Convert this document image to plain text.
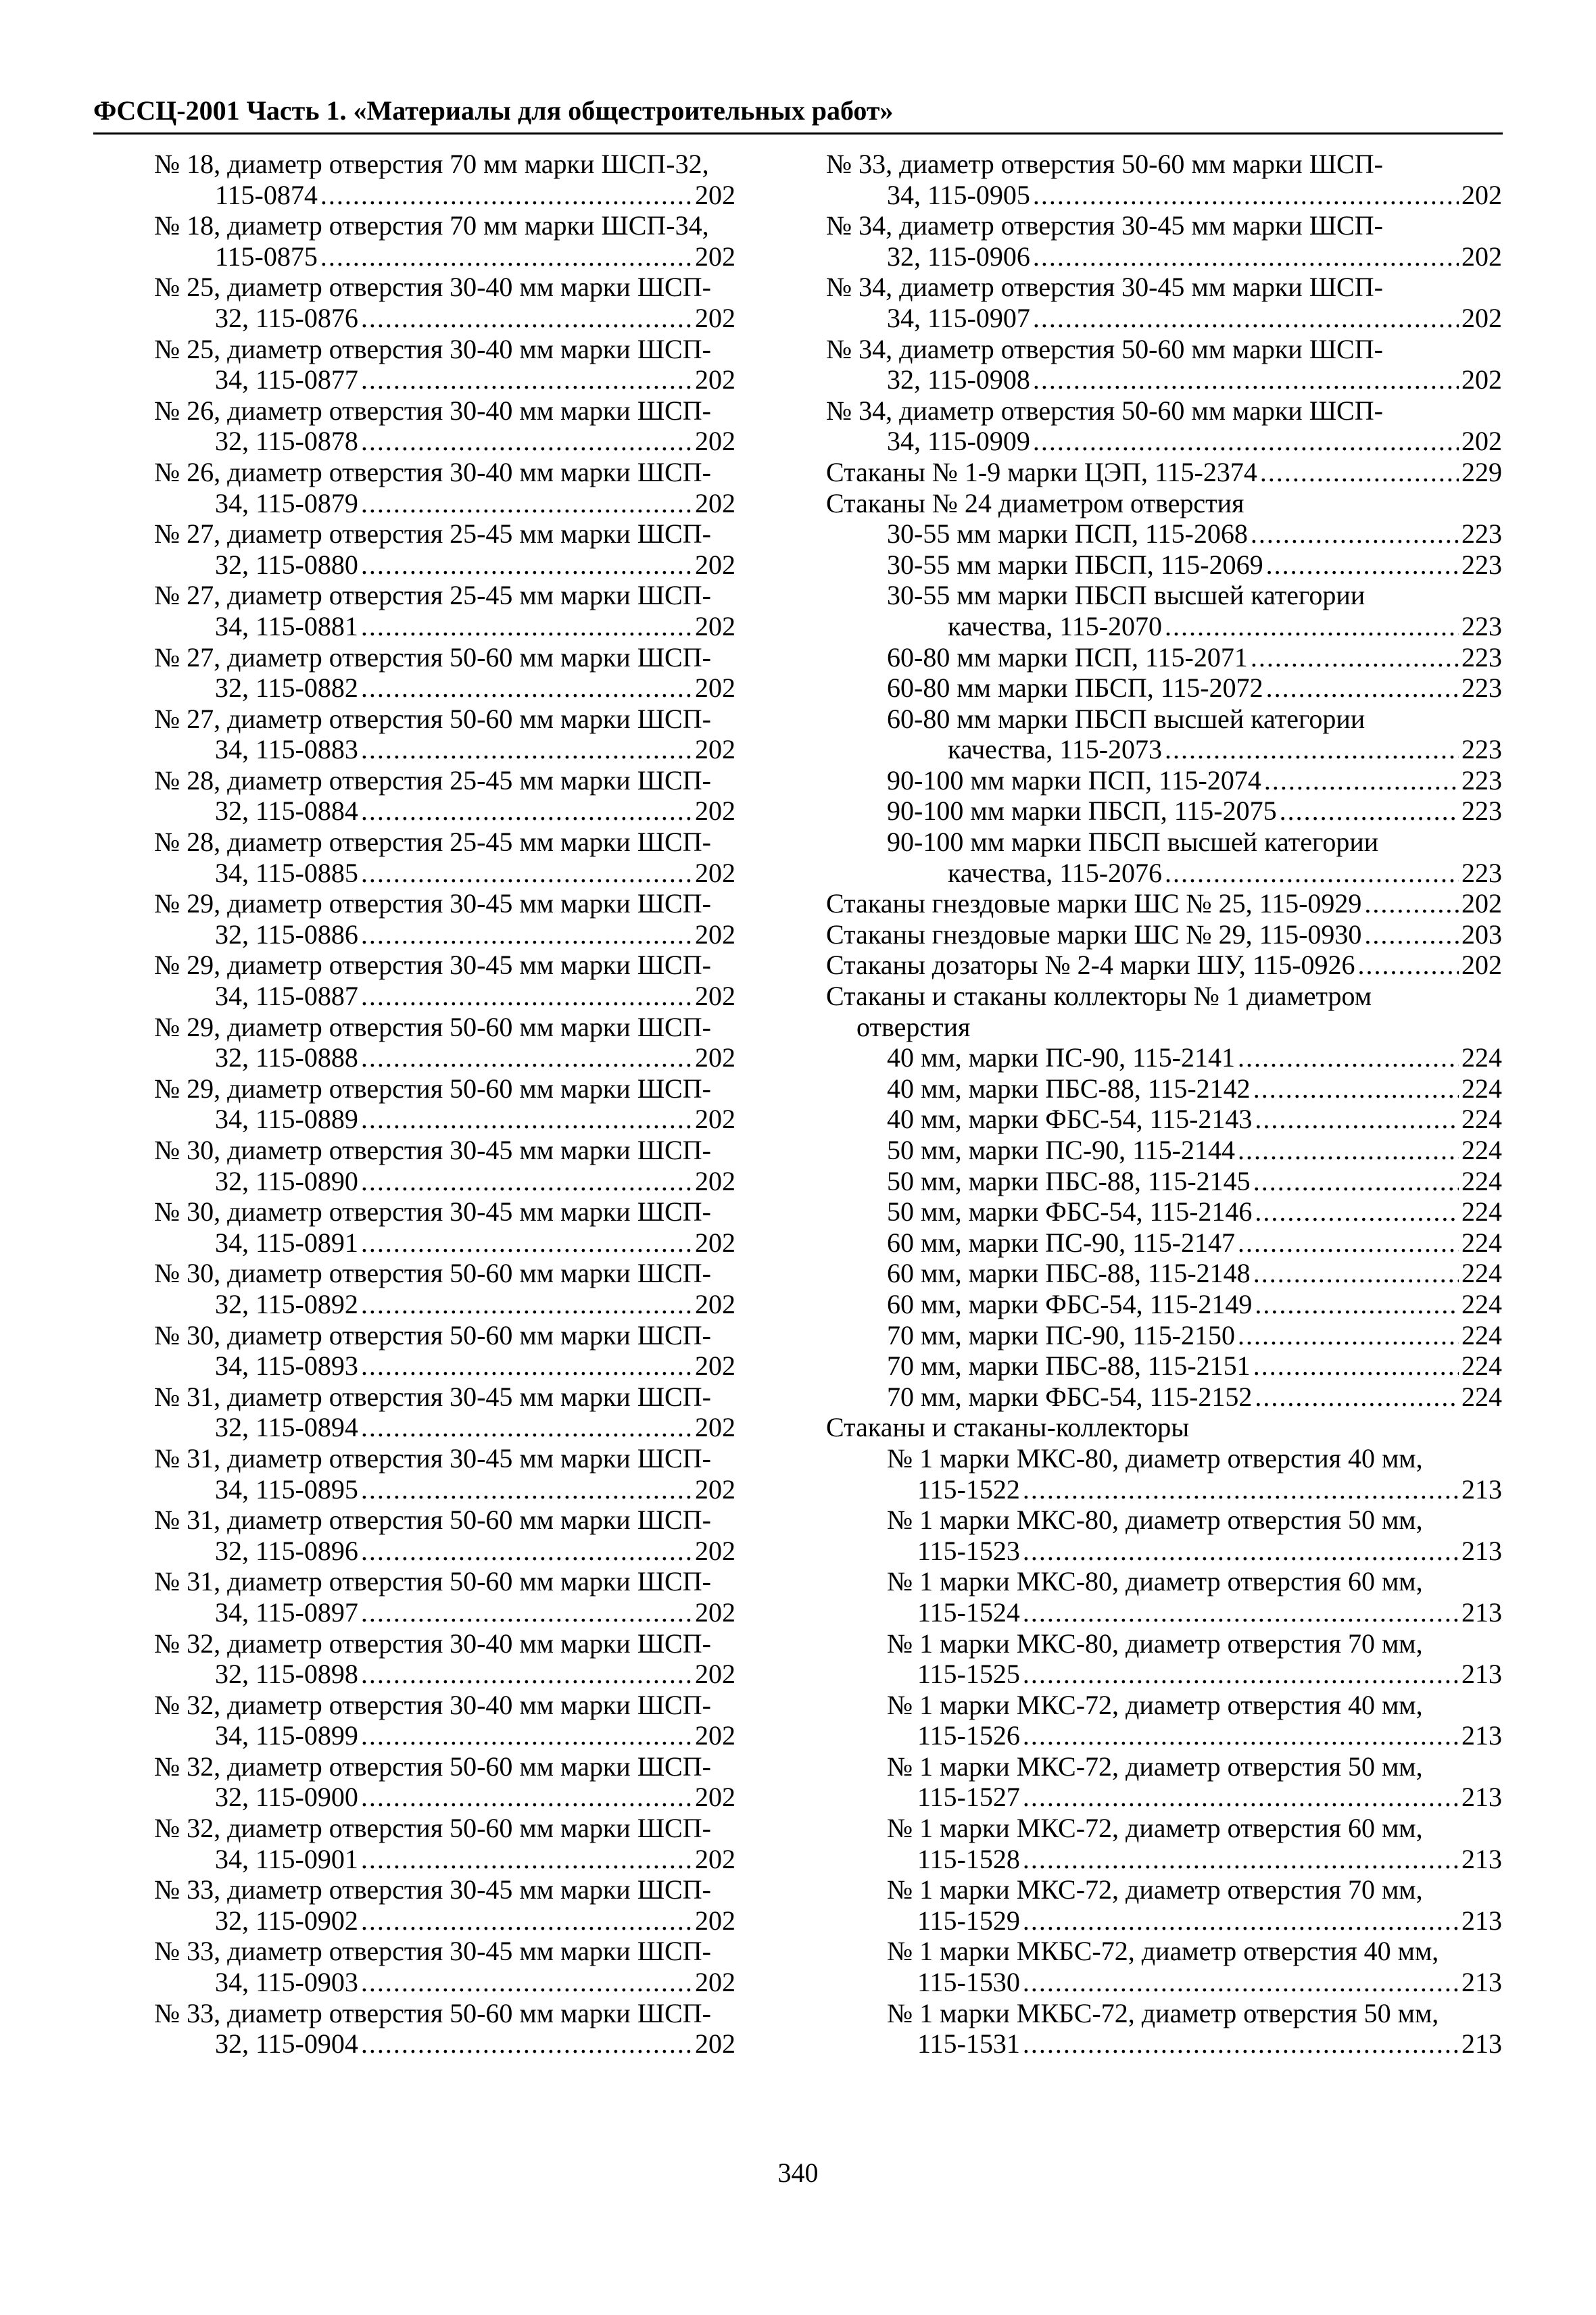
ФССЦ-2001 Часть 1. «Материалы для общестроительных работ»
№ 18, диаметр отверстия 70 мм марки ШСП-32,
115-0874 .....	202
№ 18, диаметр отверстия 70 мм марки ШСП-34,
115-0875 .....	202
№ 25, диаметр отверстия 30-40 мм марки ШСП-
32, 115-0876 .....	202
№ 25, диаметр отверстия 30-40 мм марки ШСП-
34, 115-0877 .....	202
№ 26, диаметр отверстия 30-40 мм марки ШСП-
32, 115-0878 .....	202
№ 26, диаметр отверстия 30-40 мм марки ШСП-
34, 115-0879 .....	202
№ 27, диаметр отверстия 25-45 мм марки ШСП-
32, 115-0880 .....	202
№ 27, диаметр отверстия 25-45 мм марки ШСП-
34, 115-0881 .....	202
№ 27, диаметр отверстия 50-60 мм марки ШСП-
32, 115-0882 .....	202
№ 27, диаметр отверстия 50-60 мм марки ШСП-
34, 115-0883 .....	202
№ 28, диаметр отверстия 25-45 мм марки ШСП-
32, 115-0884 .....	202
№ 28, диаметр отверстия 25-45 мм марки ШСП-
34, 115-0885 .....	202
№ 29, диаметр отверстия 30-45 мм марки ШСП-
32, 115-0886 .....	202
№ 29, диаметр отверстия 30-45 мм марки ШСП-
34, 115-0887 .....	202
№ 29, диаметр отверстия 50-60 мм марки ШСП-
32, 115-0888 .....	202
№ 29, диаметр отверстия 50-60 мм марки ШСП-
34, 115-0889 .....	202
№ 30, диаметр отверстия 30-45 мм марки ШСП-
32, 115-0890 .....	202
№ 30, диаметр отверстия 30-45 мм марки ШСП-
34, 115-0891 .....	202
№ 30, диаметр отверстия 50-60 мм марки ШСП-
32, 115-0892 .....	202
№ 30, диаметр отверстия 50-60 мм марки ШСП-
34, 115-0893 .....	202
№ 31, диаметр отверстия 30-45 мм марки ШСП-
32, 115-0894 .....	202
№ 31, диаметр отверстия 30-45 мм марки ШСП-
34, 115-0895 .....	202
№ 31, диаметр отверстия 50-60 мм марки ШСП-
32, 115-0896 .....	202
№ 31, диаметр отверстия 50-60 мм марки ШСП-
34, 115-0897 .....	202
№ 32, диаметр отверстия 30-40 мм марки ШСП-
32, 115-0898 .....	202
№ 32, диаметр отверстия 30-40 мм марки ШСП-
34, 115-0899 .....	202
№ 32, диаметр отверстия 50-60 мм марки ШСП-
32, 115-0900 .....	202
№ 32, диаметр отверстия 50-60 мм марки ШСП-
34, 115-0901 .....	202
№ 33, диаметр отверстия 30-45 мм марки ШСП-
32, 115-0902 .....	202
№ 33, диаметр отверстия 30-45 мм марки ШСП-
34, 115-0903 .....	202
№ 33, диаметр отверстия 50-60 мм марки ШСП-
32, 115-0904 .....	202
№ 33, диаметр отверстия 50-60 мм марки ШСП-
34, 115-0905 .....	202
№ 34, диаметр отверстия 30-45 мм марки ШСП-
32, 115-0906 .....	202
№ 34, диаметр отверстия 30-45 мм марки ШСП-
34, 115-0907 .....	202
№ 34, диаметр отверстия 50-60 мм марки ШСП-
32, 115-0908 .....	202
№ 34, диаметр отверстия 50-60 мм марки ШСП-
34, 115-0909 .....	202
Стаканы № 1-9 марки ЦЭП, 115-2374 .....	229
Стаканы № 24 диаметром отверстия
30-55 мм марки ПСП, 115-2068 .....	223
30-55 мм марки ПБСП, 115-2069 .....	223
30-55 мм марки ПБСП высшей категории
качества, 115-2070 .....	223
60-80 мм марки ПСП, 115-2071 .....	223
60-80 мм марки ПБСП, 115-2072 .....	223
60-80 мм марки ПБСП высшей категории
качества, 115-2073 .....	223
90-100 мм марки ПСП, 115-2074 .....	223
90-100 мм марки ПБСП, 115-2075 .....	223
90-100 мм марки ПБСП высшей категории
качества, 115-2076 .....	223
Стаканы гнездовые марки ШС № 25, 115-0929 .....	202
Стаканы гнездовые марки ШС № 29, 115-0930 .....	203
Стаканы дозаторы № 2-4 марки ШУ, 115-0926 .....	202
Стаканы и стаканы коллекторы № 1 диаметром
отверстия
40 мм, марки ПС-90, 115-2141 .....	224
40 мм, марки ПБС-88, 115-2142 .....	224
40 мм, марки ФБС-54, 115-2143 .....	224
50 мм, марки ПС-90, 115-2144 .....	224
50 мм, марки ПБС-88, 115-2145 .....	224
50 мм, марки ФБС-54, 115-2146 .....	224
60 мм, марки ПС-90, 115-2147 .....	224
60 мм, марки ПБС-88, 115-2148 .....	224
60 мм, марки ФБС-54, 115-2149 .....	224
70 мм, марки ПС-90, 115-2150 .....	224
70 мм, марки ПБС-88, 115-2151 .....	224
70 мм, марки ФБС-54, 115-2152 .....	224
Стаканы и стаканы-коллекторы
№ 1 марки МКС-80, диаметр отверстия 40 мм,
115-1522 .....	213
№ 1 марки МКС-80, диаметр отверстия 50 мм,
115-1523 .....	213
№ 1 марки МКС-80, диаметр отверстия 60 мм,
115-1524 .....	213
№ 1 марки МКС-80, диаметр отверстия 70 мм,
115-1525 .....	213
№ 1 марки МКС-72, диаметр отверстия 40 мм,
115-1526 .....	213
№ 1 марки МКС-72, диаметр отверстия 50 мм,
115-1527 .....	213
№ 1 марки МКС-72, диаметр отверстия 60 мм,
115-1528 .....	213
№ 1 марки МКС-72, диаметр отверстия 70 мм,
115-1529 .....	213
№ 1 марки МКБС-72, диаметр отверстия 40 мм,
115-1530 .....	213
№ 1 марки МКБС-72, диаметр отверстия 50 мм,
115-1531 .....	213
340
